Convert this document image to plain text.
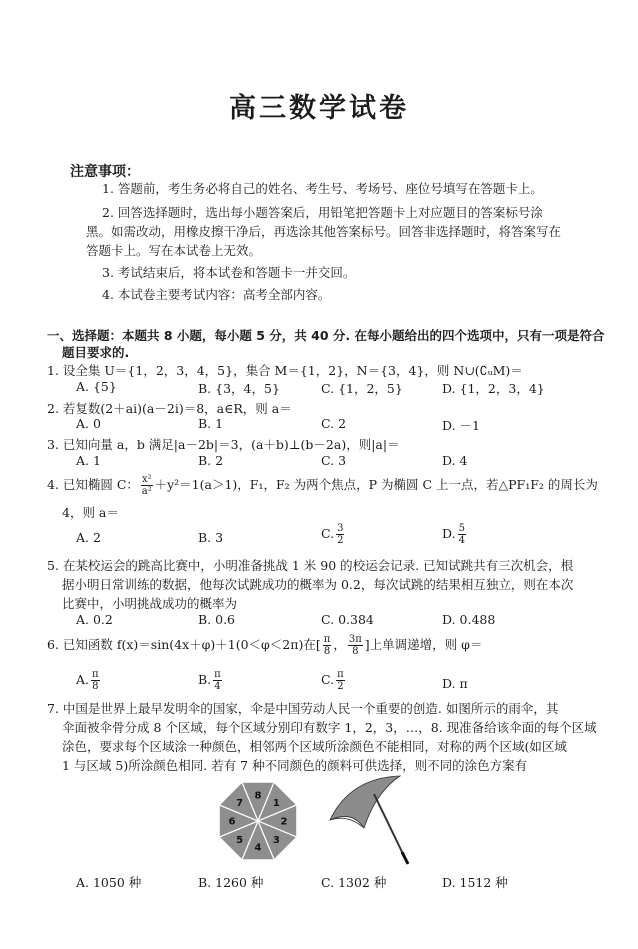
高三数学试卷
注意事项：
1. 答题前，考生务必将自己的姓名、考生号、考场号、座位号填写在答题卡上。
2. 回答选择题时，选出每小题答案后，用铅笔把答题卡上对应题目的答案标号涂
黑。如需改动，用橡皮擦干净后，再选涂其他答案标号。回答非选择题时，将答案写在
答题卡上。写在本试卷上无效。
3. 考试结束后，将本试卷和答题卡一并交回。
4. 本试卷主要考试内容：高考全部内容。
一、选择题：本题共 8 小题，每小题 5 分，共 40 分. 在每小题给出的四个选项中，只有一项是符合
题目要求的.
1. 设全集 U＝{1，2，3，4，5}，集合 M＝{1，2}，N＝{3，4}，则 N∪(∁ᵤM)＝
A. {5}	B. {3，4，5}	C. {1，2，5}	D. {1，2，3，4}
2. 若复数(2＋ai)(a－2i)＝8，a∈R，则 a＝
A. 0	B. 1	C. 2	D. －1
3. 已知向量 a，b 满足|a－2b|＝3，(a＋b)⊥(b－2a)，则|a|＝
A. 1	B. 2	C. 3	D. 4
4. 已知椭圆 C： $\frac{\text{x²}}{\text{a²}} +y^2=1(a>1)$，F₁，F₂ 为两个焦点，P 为椭圆 C 上一点，若△PF₁F₂ 的周长为
4，则 a＝
A. 2	B. 3	C. $\frac{3}{2}$	D. $\frac{5}{4}$
5. 在某校运会的跳高比赛中，小明准备挑战 1 米 90 的校运会记录. 已知试跳共有三次机会，根
据小明日常训练的数据，他每次试跳成功的概率为 0.2，每次试跳的结果相互独立，则在本次
比赛中，小明挑战成功的概率为
A. 0.2	B. 0.6	C. 0.384	D. 0.488
6. 已知函数 f(x)＝sin(4x＋φ)＋1(0＜φ＜2π)在[ $\frac{\pi}{8}$ ， $\frac{3\pi}{8}$ ]上单调递增，则 φ＝
A. $\frac{\pi}{8}$	B. $\frac{\pi}{4}$	C. $\frac{\pi}{2}$	D. π
7. 中国是世界上最早发明伞的国家，伞是中国劳动人民一个重要的创造. 如图所示的雨伞，其
伞面被伞骨分成 8 个区域，每个区域分别印有数字 1，2，3，…，8. 现准备给该伞面的每个区域
涂色，要求每个区域涂一种颜色，相邻两个区域所涂颜色不能相同，对称的两个区域(如区域
1 与区域 5)所涂颜色相同. 若有 7 种不同颜色的颜料可供选择，则不同的涂色方案有
8
1
2
3
4
5
6
7
A. 1050 种	B. 1260 种	C. 1302 种	D. 1512 种
